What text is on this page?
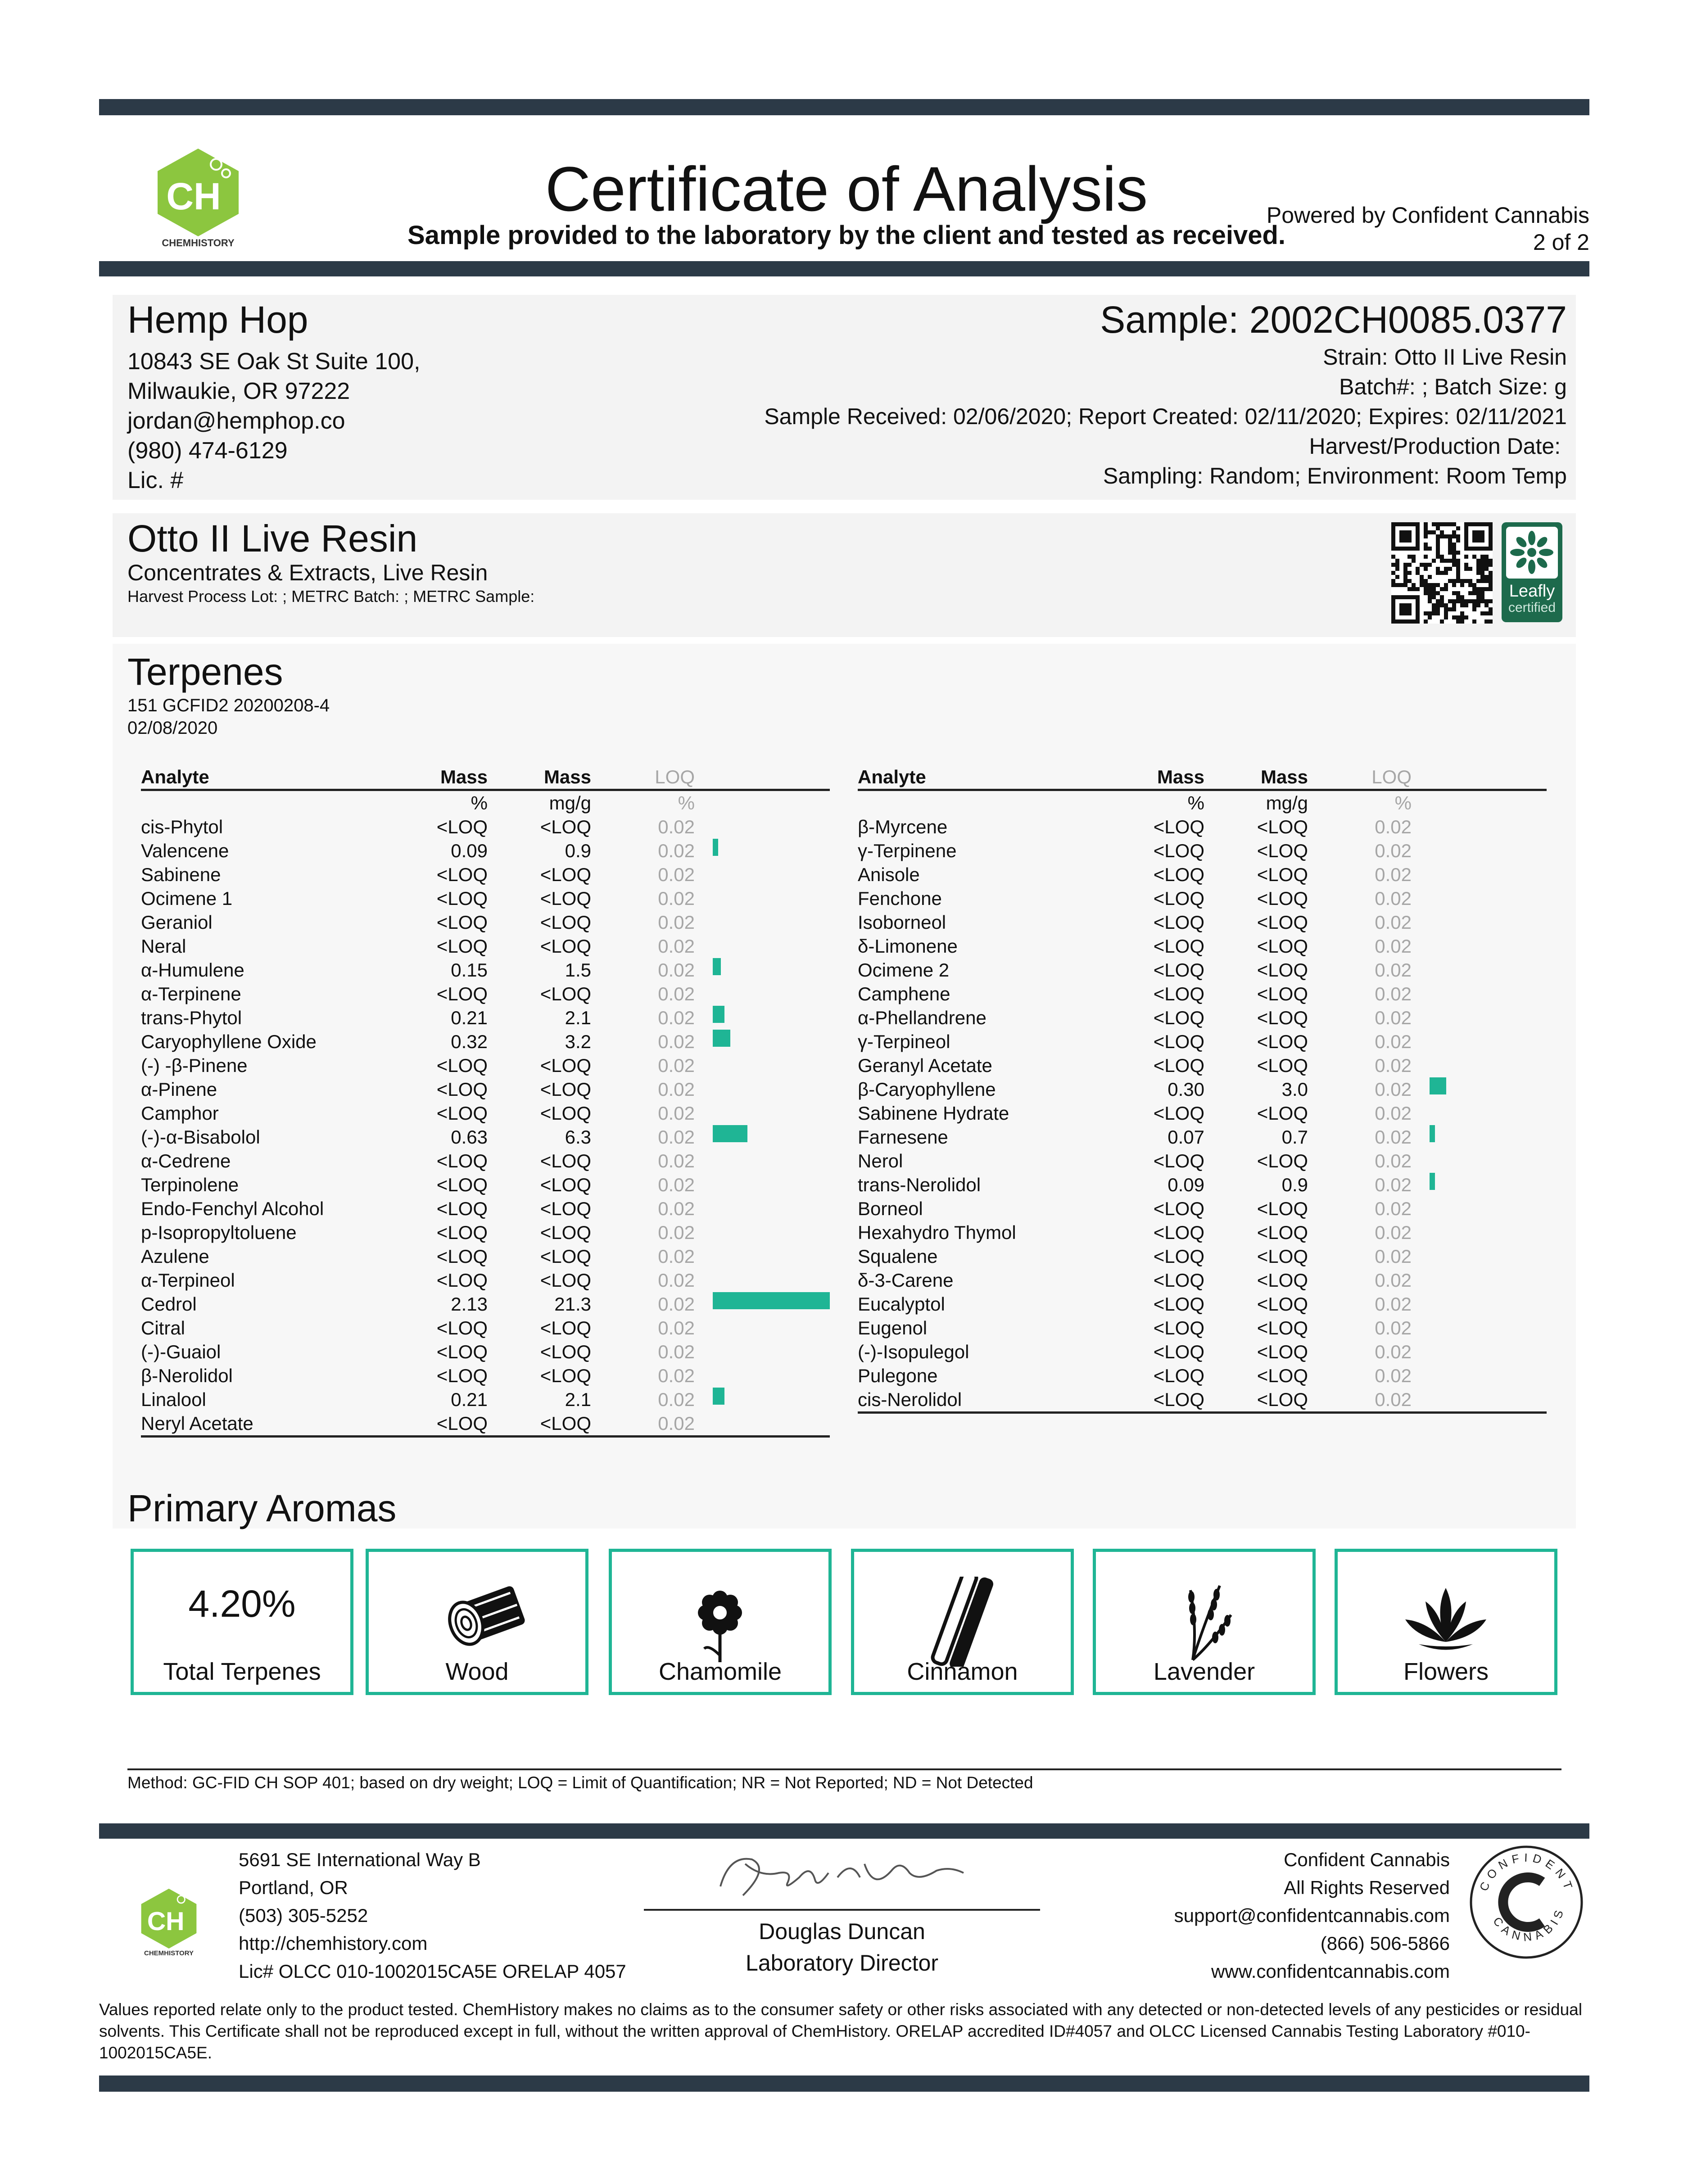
CH
CHEMHISTORY
Certificate of Analysis
Sample provided to the laboratory by the client and tested as received.
Powered by Confident Cannabis
2 of 2
Hemp Hop
10843 SE Oak St Suite 100,
Milwaukie, OR 97222
jordan@hemphop.co
(980) 474-6129
Lic. #
Sample: 2002CH0085.0377
Strain: Otto II Live Resin
Batch#: ; Batch Size: g
Sample Received: 02/06/2020; Report Created: 02/11/2020; Expires: 02/11/2021
Harvest/Production Date:
Sampling: Random; Environment: Room Temp
Otto II Live Resin
Concentrates & Extracts, Live Resin
Harvest Process Lot: ; METRC Batch: ; METRC Sample:	Leafly
certified
Terpenes
151 GCFID2 20200208-4
02/08/2020
Analyte	Mass	Mass	LOQ
%	mg/g	%
cis-Phytol	<LOQ	<LOQ	0.02
Valencene	0.09	0.9	0.02
Sabinene	<LOQ	<LOQ	0.02
Ocimene 1	<LOQ	<LOQ	0.02
Geraniol	<LOQ	<LOQ	0.02
Neral	<LOQ	<LOQ	0.02
α-Humulene	0.15	1.5	0.02
α-Terpinene	<LOQ	<LOQ	0.02
trans-Phytol	0.21	2.1	0.02
Caryophyllene Oxide	0.32	3.2	0.02
(-) -β-Pinene	<LOQ	<LOQ	0.02
α-Pinene	<LOQ	<LOQ	0.02
Camphor	<LOQ	<LOQ	0.02
(-)-α-Bisabolol	0.63	6.3	0.02
α-Cedrene	<LOQ	<LOQ	0.02
Terpinolene	<LOQ	<LOQ	0.02
Endo-Fenchyl Alcohol	<LOQ	<LOQ	0.02
p-Isopropyltoluene	<LOQ	<LOQ	0.02
Azulene	<LOQ	<LOQ	0.02
α-Terpineol	<LOQ	<LOQ	0.02
Cedrol	2.13	21.3	0.02
Citral	<LOQ	<LOQ	0.02
(-)-Guaiol	<LOQ	<LOQ	0.02
β-Nerolidol	<LOQ	<LOQ	0.02
Linalool	0.21	2.1	0.02
Neryl Acetate	<LOQ	<LOQ	0.02
Analyte	Mass	Mass	LOQ
%	mg/g	%
β-Myrcene	<LOQ	<LOQ	0.02
γ-Terpinene	<LOQ	<LOQ	0.02
Anisole	<LOQ	<LOQ	0.02
Fenchone	<LOQ	<LOQ	0.02
Isoborneol	<LOQ	<LOQ	0.02
δ-Limonene	<LOQ	<LOQ	0.02
Ocimene 2	<LOQ	<LOQ	0.02
Camphene	<LOQ	<LOQ	0.02
α-Phellandrene	<LOQ	<LOQ	0.02
γ-Terpineol	<LOQ	<LOQ	0.02
Geranyl Acetate	<LOQ	<LOQ	0.02
β-Caryophyllene	0.30	3.0	0.02
Sabinene Hydrate	<LOQ	<LOQ	0.02
Farnesene	0.07	0.7	0.02
Nerol	<LOQ	<LOQ	0.02
trans-Nerolidol	0.09	0.9	0.02
Borneol	<LOQ	<LOQ	0.02
Hexahydro Thymol	<LOQ	<LOQ	0.02
Squalene	<LOQ	<LOQ	0.02
δ-3-Carene	<LOQ	<LOQ	0.02
Eucalyptol	<LOQ	<LOQ	0.02
Eugenol	<LOQ	<LOQ	0.02
(-)-Isopulegol	<LOQ	<LOQ	0.02
Pulegone	<LOQ	<LOQ	0.02
cis-Nerolidol	<LOQ	<LOQ	0.02
Primary Aromas
4.20%
Total Terpenes	Wood	Chamomile	Cinnamon	Lavender	Flowers
Method: GC-FID CH SOP 401; based on dry weight; LOQ = Limit of Quantification; NR = Not Reported; ND = Not Detected
CH
CHEMHISTORY
5691 SE International Way B
Portland, OR
(503) 305-5252
http://chemhistory.com
Lic# OLCC 010-1002015CA5E ORELAP 4057
Douglas Duncan
Laboratory Director
Confident Cannabis
All Rights Reserved
support@confidentcannabis.com
(866) 506-5866
www.confidentcannabis.com
CONFIDENT
CANNABIS
Values reported relate only to the product tested. ChemHistory makes no claims as to the consumer safety or other risks associated with any detected or non-detected levels of any pesticides or residual solvents. This Certificate shall not be reproduced except in full, without the written approval of ChemHistory. ORELAP accredited ID#4057 and OLCC Licensed Cannabis Testing Laboratory #010-1002015CA5E.
